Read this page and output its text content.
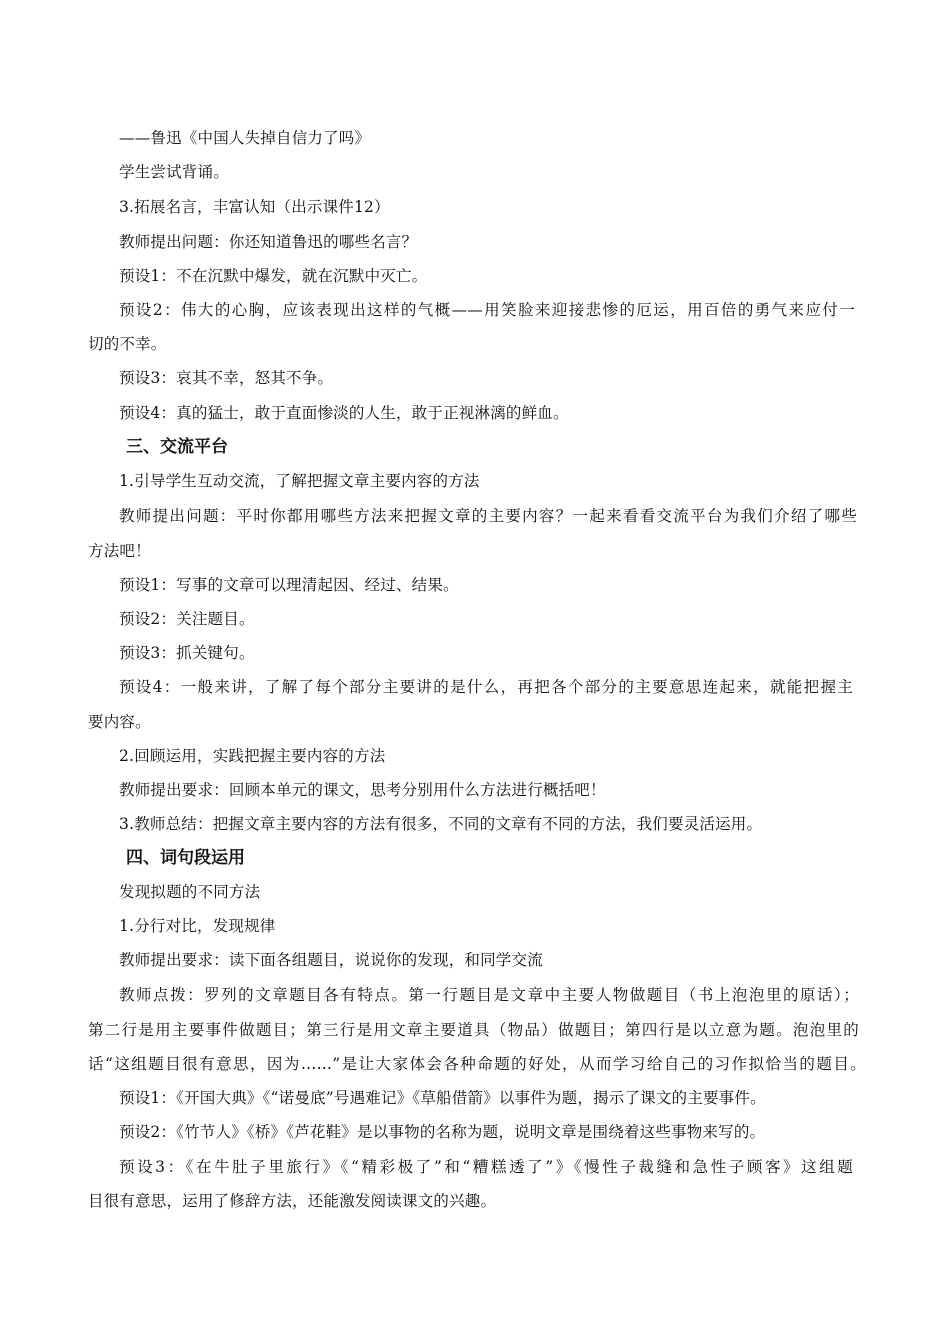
——鲁迅《中国人失掉自信力了吗》
学生尝试背诵。
3.拓展名言，丰富认知（出示课件12）
教师提出问题：你还知道鲁迅的哪些名言？
预设1：不在沉默中爆发，就在沉默中灭亡。
预设2：伟大的心胸，应该表现出这样的气概——用笑脸来迎接悲惨的厄运，用百倍的勇气来应付一
切的不幸。
预设3：哀其不幸，怒其不争。
预设4：真的猛士，敢于直面惨淡的人生，敢于正视淋漓的鲜血。
三、交流平台
1.引导学生互动交流，了解把握文章主要内容的方法
教师提出问题：平时你都用哪些方法来把握文章的主要内容？一起来看看交流平台为我们介绍了哪些
方法吧！
预设1：写事的文章可以理清起因、经过、结果。
预设2：关注题目。
预设3：抓关键句。
预设4：一般来讲，了解了每个部分主要讲的是什么，再把各个部分的主要意思连起来，就能把握主
要内容。
2.回顾运用，实践把握主要内容的方法
教师提出要求：回顾本单元的课文，思考分别用什么方法进行概括吧！
3.教师总结：把握文章主要内容的方法有很多，不同的文章有不同的方法，我们要灵活运用。
四、词句段运用
发现拟题的不同方法
1.分行对比，发现规律
教师提出要求：读下面各组题目，说说你的发现，和同学交流
教师点拨：罗列的文章题目各有特点。第一行题目是文章中主要人物做题目（书上泡泡里的原话）；
第二行是用主要事件做题目；第三行是用文章主要道具（物品）做题目；第四行是以立意为题。泡泡里的
话“这组题目很有意思，因为……”是让大家体会各种命题的好处，从而学习给自己的习作拟恰当的题目。
预设1：《开国大典》《“诺曼底”号遇难记》《草船借箭》以事件为题，揭示了课文的主要事件。
预设2：《竹节人》《桥》《芦花鞋》是以事物的名称为题，说明文章是围绕着这些事物来写的。
预设3：《在牛肚子里旅行》《“精彩极了”和“糟糕透了”》《慢性子裁缝和急性子顾客》这组题
目很有意思，运用了修辞方法，还能激发阅读课文的兴趣。
